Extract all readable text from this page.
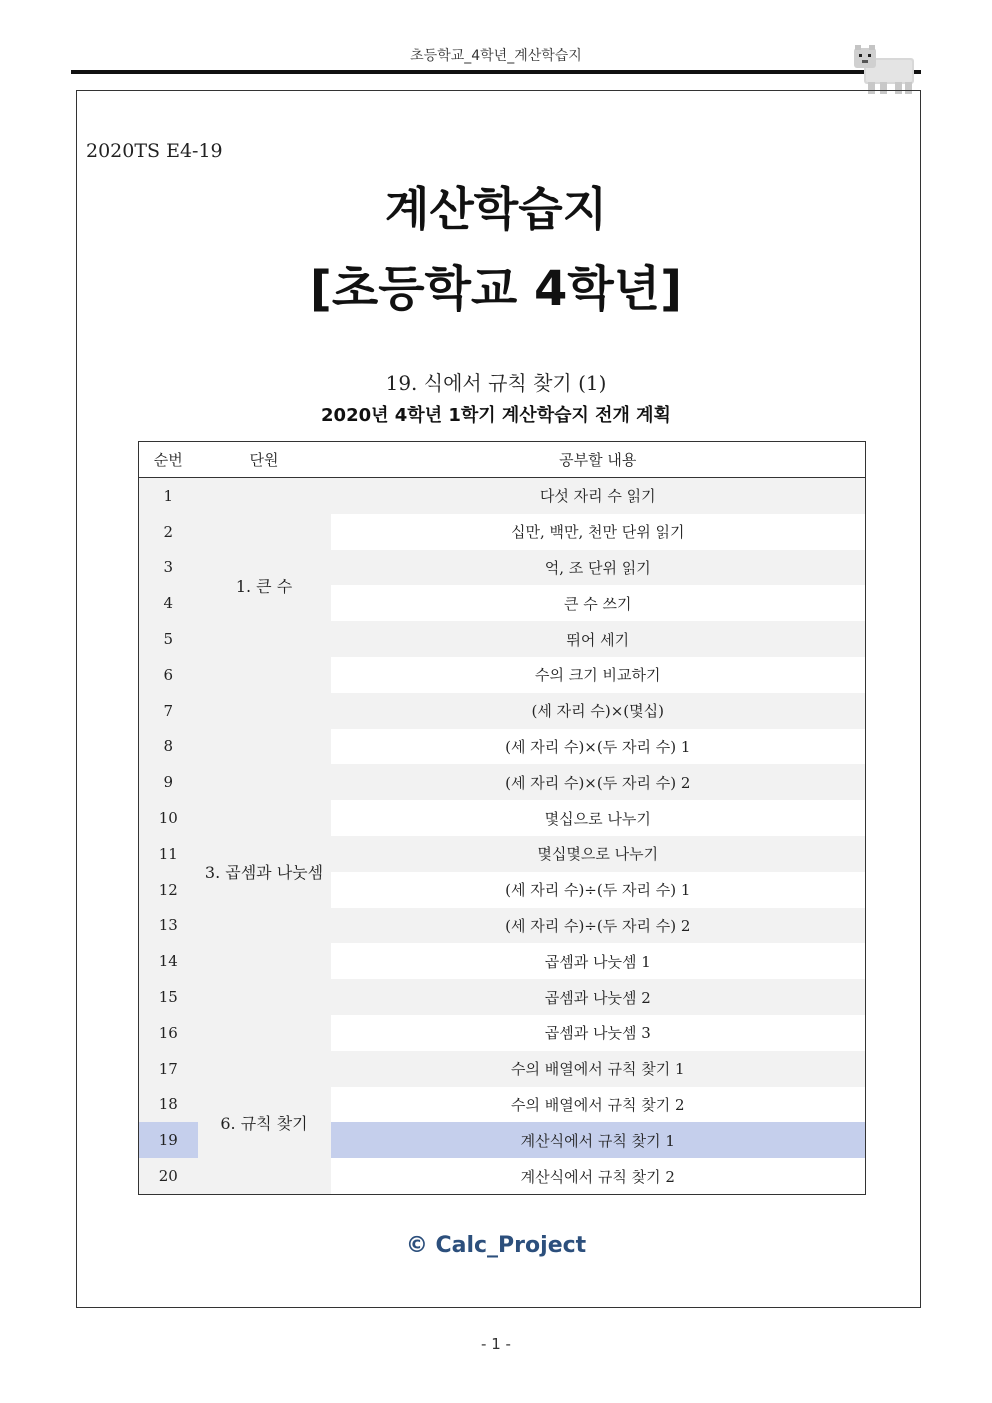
초등학교_4학년_계산학습지
2020TS E4-19
계산학습지
[초등학교 4학년]
19. 식에서 규칙 찾기 (1)
2020년 4학년 1학기 계산학습지 전개 계획
순번	단원	공부할 내용
1	1. 큰 수	다섯 자리 수 읽기
2		십만, 백만, 천만 단위 읽기
3		억, 조 단위 읽기
4		큰 수 쓰기
5		뛰어 세기
6		수의 크기 비교하기
7	3. 곱셈과 나눗셈	(세 자리 수)×(몇십)
8		(세 자리 수)×(두 자리 수) 1
9		(세 자리 수)×(두 자리 수) 2
10		몇십으로 나누기
11		몇십몇으로 나누기
12		(세 자리 수)÷(두 자리 수) 1
13		(세 자리 수)÷(두 자리 수) 2
14		곱셈과 나눗셈 1
15		곱셈과 나눗셈 2
16		곱셈과 나눗셈 3
17	6. 규칙 찾기	수의 배열에서 규칙 찾기 1
18		수의 배열에서 규칙 찾기 2
19		계산식에서 규칙 찾기 1
20		계산식에서 규칙 찾기 2
© Calc_Project
- 1 -
